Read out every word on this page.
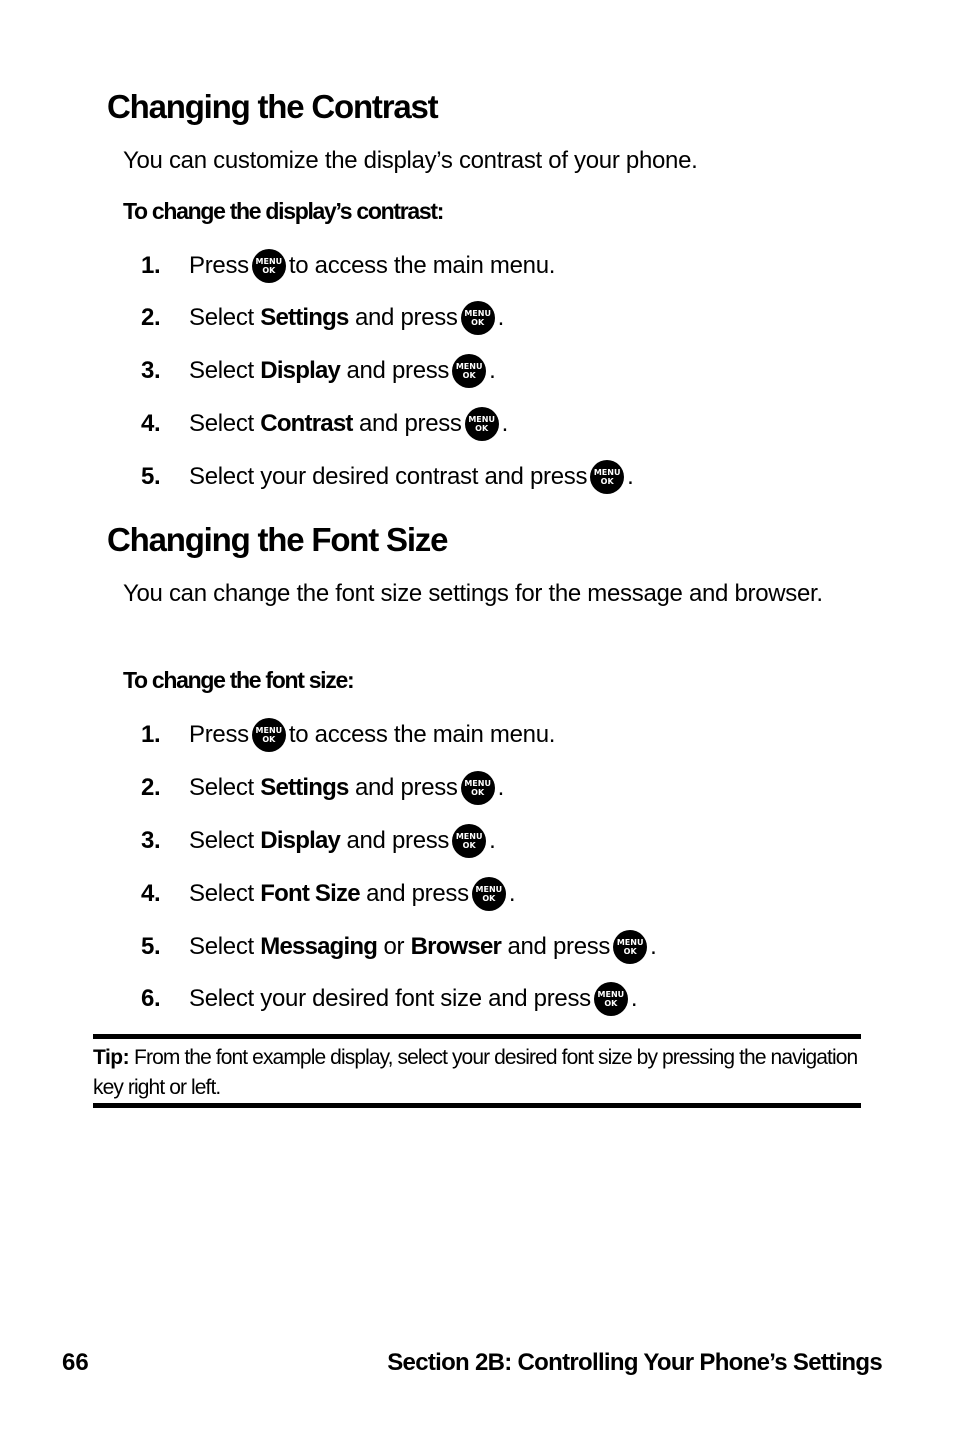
Changing the Contrast

You can customize the display’s contrast of your phone.

To change the display’s contrast:

1.	Press MENU
OK to access the main menu.
2.	Select
Settings
and press MENU
OK .
3.	Select
Display
and press MENU
OK .
4.	Select
Contrast
and press MENU
OK .
5.	Select your desired contrast and press MENU
OK .
Changing the Font Size

You can change the font size settings for the message and browser.

To change the font size:

1.	Press MENU
OK to access the main menu.
2.	Select
Settings
and press MENU
OK .
3.	Select
Display
and press MENU
OK .
4.	Select
Font Size
and press MENU
OK .
5.	Select
Messaging
or
Browser
and press MENU
OK .
6.	Select your desired font size and press MENU
OK .
Tip: From the font example display, select your desired font size by pressing the navigation key right or left.
66	Section 2B: Controlling Your Phone’s Settings
